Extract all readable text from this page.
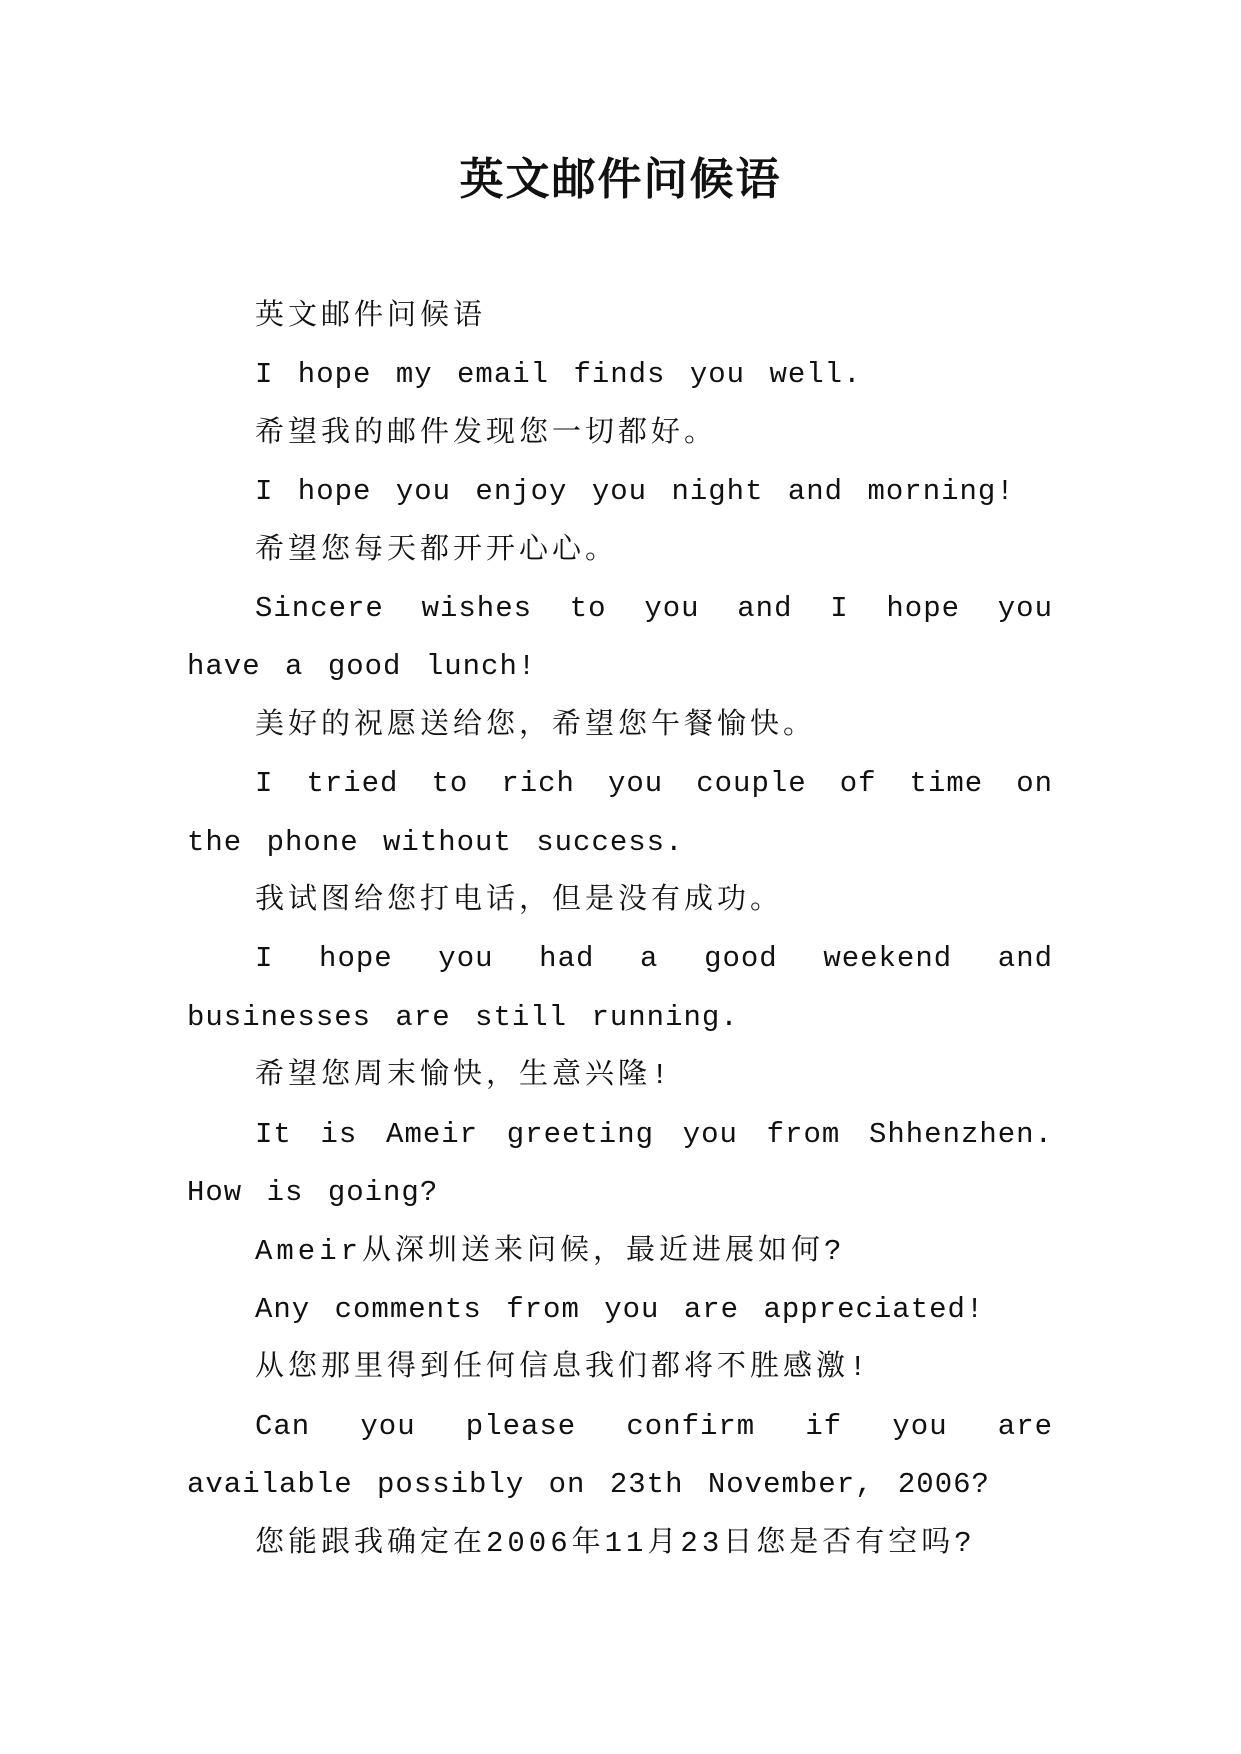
英文邮件问候语

英文邮件问候语

I hope my email finds you well.

希望我的邮件发现您一切都好。

I hope you enjoy you night and morning!

希望您每天都开开心心。

Sincere wishes to you and I hope you have a good lunch!

美好的祝愿送给您，希望您午餐愉快。

I tried to rich you couple of time on the phone without success.

我试图给您打电话，但是没有成功。

I hope you had a good weekend and businesses are still running.

希望您周末愉快，生意兴隆!

It is Ameir greeting you from Shhenzhen. How is going?

Ameir从深圳送来问候，最近进展如何?

Any comments from you are appreciated!

从您那里得到任何信息我们都将不胜感激!

Can you please confirm if you are available possibly on 23th November, 2006?

您能跟我确定在2006年11月23日您是否有空吗?
